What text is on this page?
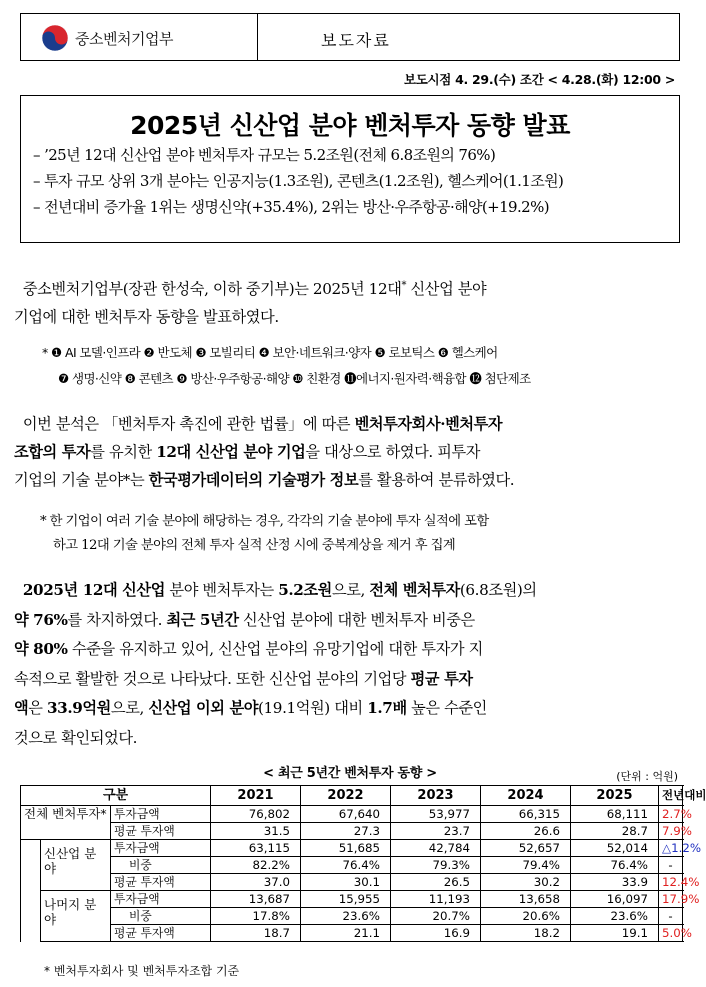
중소벤처기업부	보도자료
보도시점 4. 29.(수) 조간 < 4.28.(화) 12:00 >
2025년 신산업 분야 벤처투자 동향 발표
– ’25년 12대 신산업 분야 벤처투자 규모는 5.2조원(전체 6.8조원의 76%)
– 투자 규모 상위 3개 분야는 인공지능(1.3조원), 콘텐츠(1.2조원), 헬스케어(1.1조원)
– 전년대비 증가율 1위는 생명신약(+35.4%), 2위는 방산·우주항공·해양(+19.2%)
중소벤처기업부(장관 한성숙, 이하 중기부)는 2025년 12대* 신산업 분야
기업에 대한 벤처투자 동향을 발표하였다.
* ❶ AI 모델·인프라 ❷ 반도체 ❸ 모빌리티 ❹ 보안·네트워크·양자 ❺ 로보틱스 ❻ 헬스케어
❼ 생명·신약 ❽ 콘텐츠 ❾ 방산·우주항공·해양 ❿ 친환경 ⓫에너지·원자력·핵융합 ⓬ 첨단제조
이번 분석은 「벤처투자 촉진에 관한 법률」에 따른 벤처투자회사·벤처투자
조합의 투자를 유치한 12대 신산업 분야 기업을 대상으로 하였다. 피투자
기업의 기술 분야*는 한국평가데이터의 기술평가 정보를 활용하여 분류하였다.
* 한 기업이 여러 기술 분야에 해당하는 경우, 각각의 기술 분야에 투자 실적에 포함
하고 12대 기술 분야의 전체 투자 실적 산정 시에 중복계상을 제거 후 집계
2025년 12대 신산업 분야 벤처투자는 5.2조원으로, 전체 벤처투자(6.8조원)의
약 76%를 차지하였다. 최근 5년간 신산업 분야에 대한 벤처투자 비중은
약 80% 수준을 유지하고 있어, 신산업 분야의 유망기업에 대한 투자가 지
속적으로 활발한 것으로 나타났다. 또한 신산업 분야의 기업당 평균 투자
액은 33.9억원으로, 신산업 이외 분야(19.1억원) 대비 1.7배 높은 수준인
것으로 확인되었다.
< 최근 5년간 벤처투자 동향 >	(단위 : 억원)
구분			2021	2022	2023	2024	2025	전년대비
전체 벤처투자*		투자금액	76,802	67,640	53,977	66,315	68,111	2.7%
		평균 투자액	31.5	27.3	23.7	26.6	28.7	7.9%
	신산업 분야	투자금액	63,115	51,685	42,784	52,657	52,014	△1.2%
		비중	82.2%	76.4%	79.3%	79.4%	76.4%	-
		평균 투자액	37.0	30.1	26.5	30.2	33.9	12.4%
	나머지 분야	투자금액	13,687	15,955	11,193	13,658	16,097	17.9%
		비중	17.8%	23.6%	20.7%	20.6%	23.6%	-
		평균 투자액	18.7	21.1	16.9	18.2	19.1	5.0%
* 벤처투자회사 및 벤처투자조합 기준
